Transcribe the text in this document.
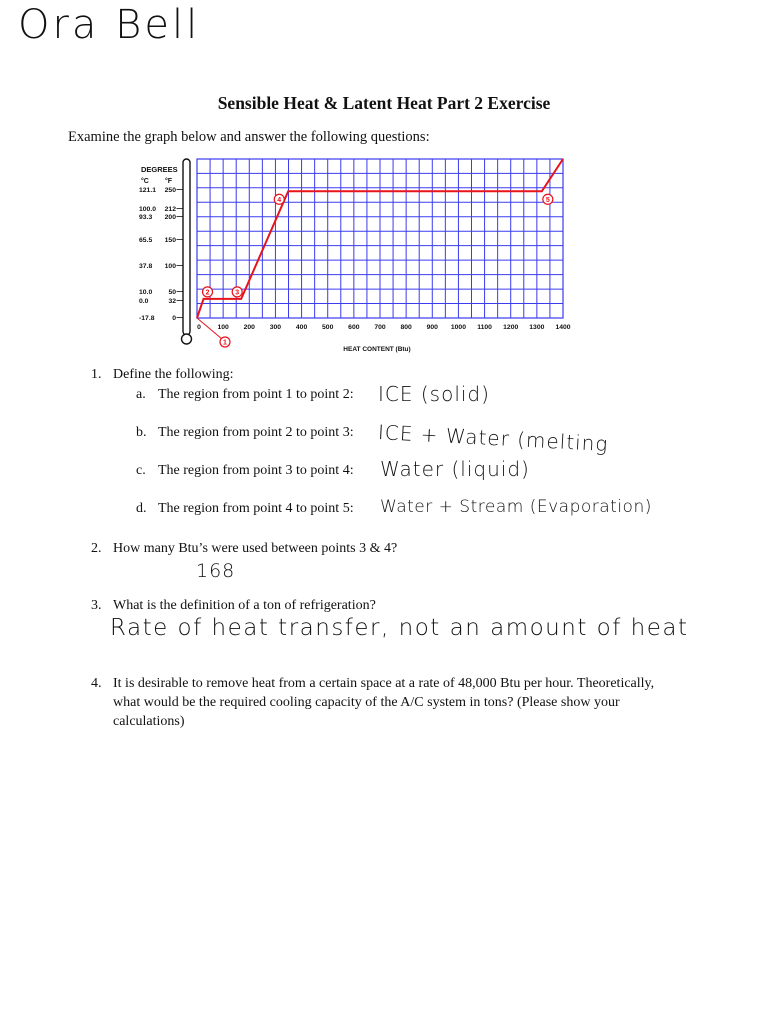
Ora Bell
Sensible Heat & Latent Heat Part 2 Exercise
Examine the graph below and answer the following questions:
DEGREES
°C °F
121.1 250
100.0 212
93.3 200
65.5 150
37.8 100
10.0 50
0.0	32
-17.8	0
0 100 200 300 400 500 600 700 800 900 1000 1100 1200 1300 1400
HEAT CONTENT (Btu)
1
2	3
4	5
1. Define the following:
a. The region from point 1 to point 2: ICE (solid)
b. The region from point 2 to point 3: ICE + Water (melting
c. The region from point 3 to point 4: Water (liquid)
d. The region from point 4 to point 5: Water + Stream (Evaporation)
2. How many Btu’s were used between points 3 & 4?
168
3. What is the definition of a ton of refrigeration?
Rate of heat transfer, not an amount of heat
4. It is desirable to remove heat from a certain space at a rate of 48,000 Btu per hour. Theoretically,
what would be the required cooling capacity of the A/C system in tons? (Please show your
calculations)
